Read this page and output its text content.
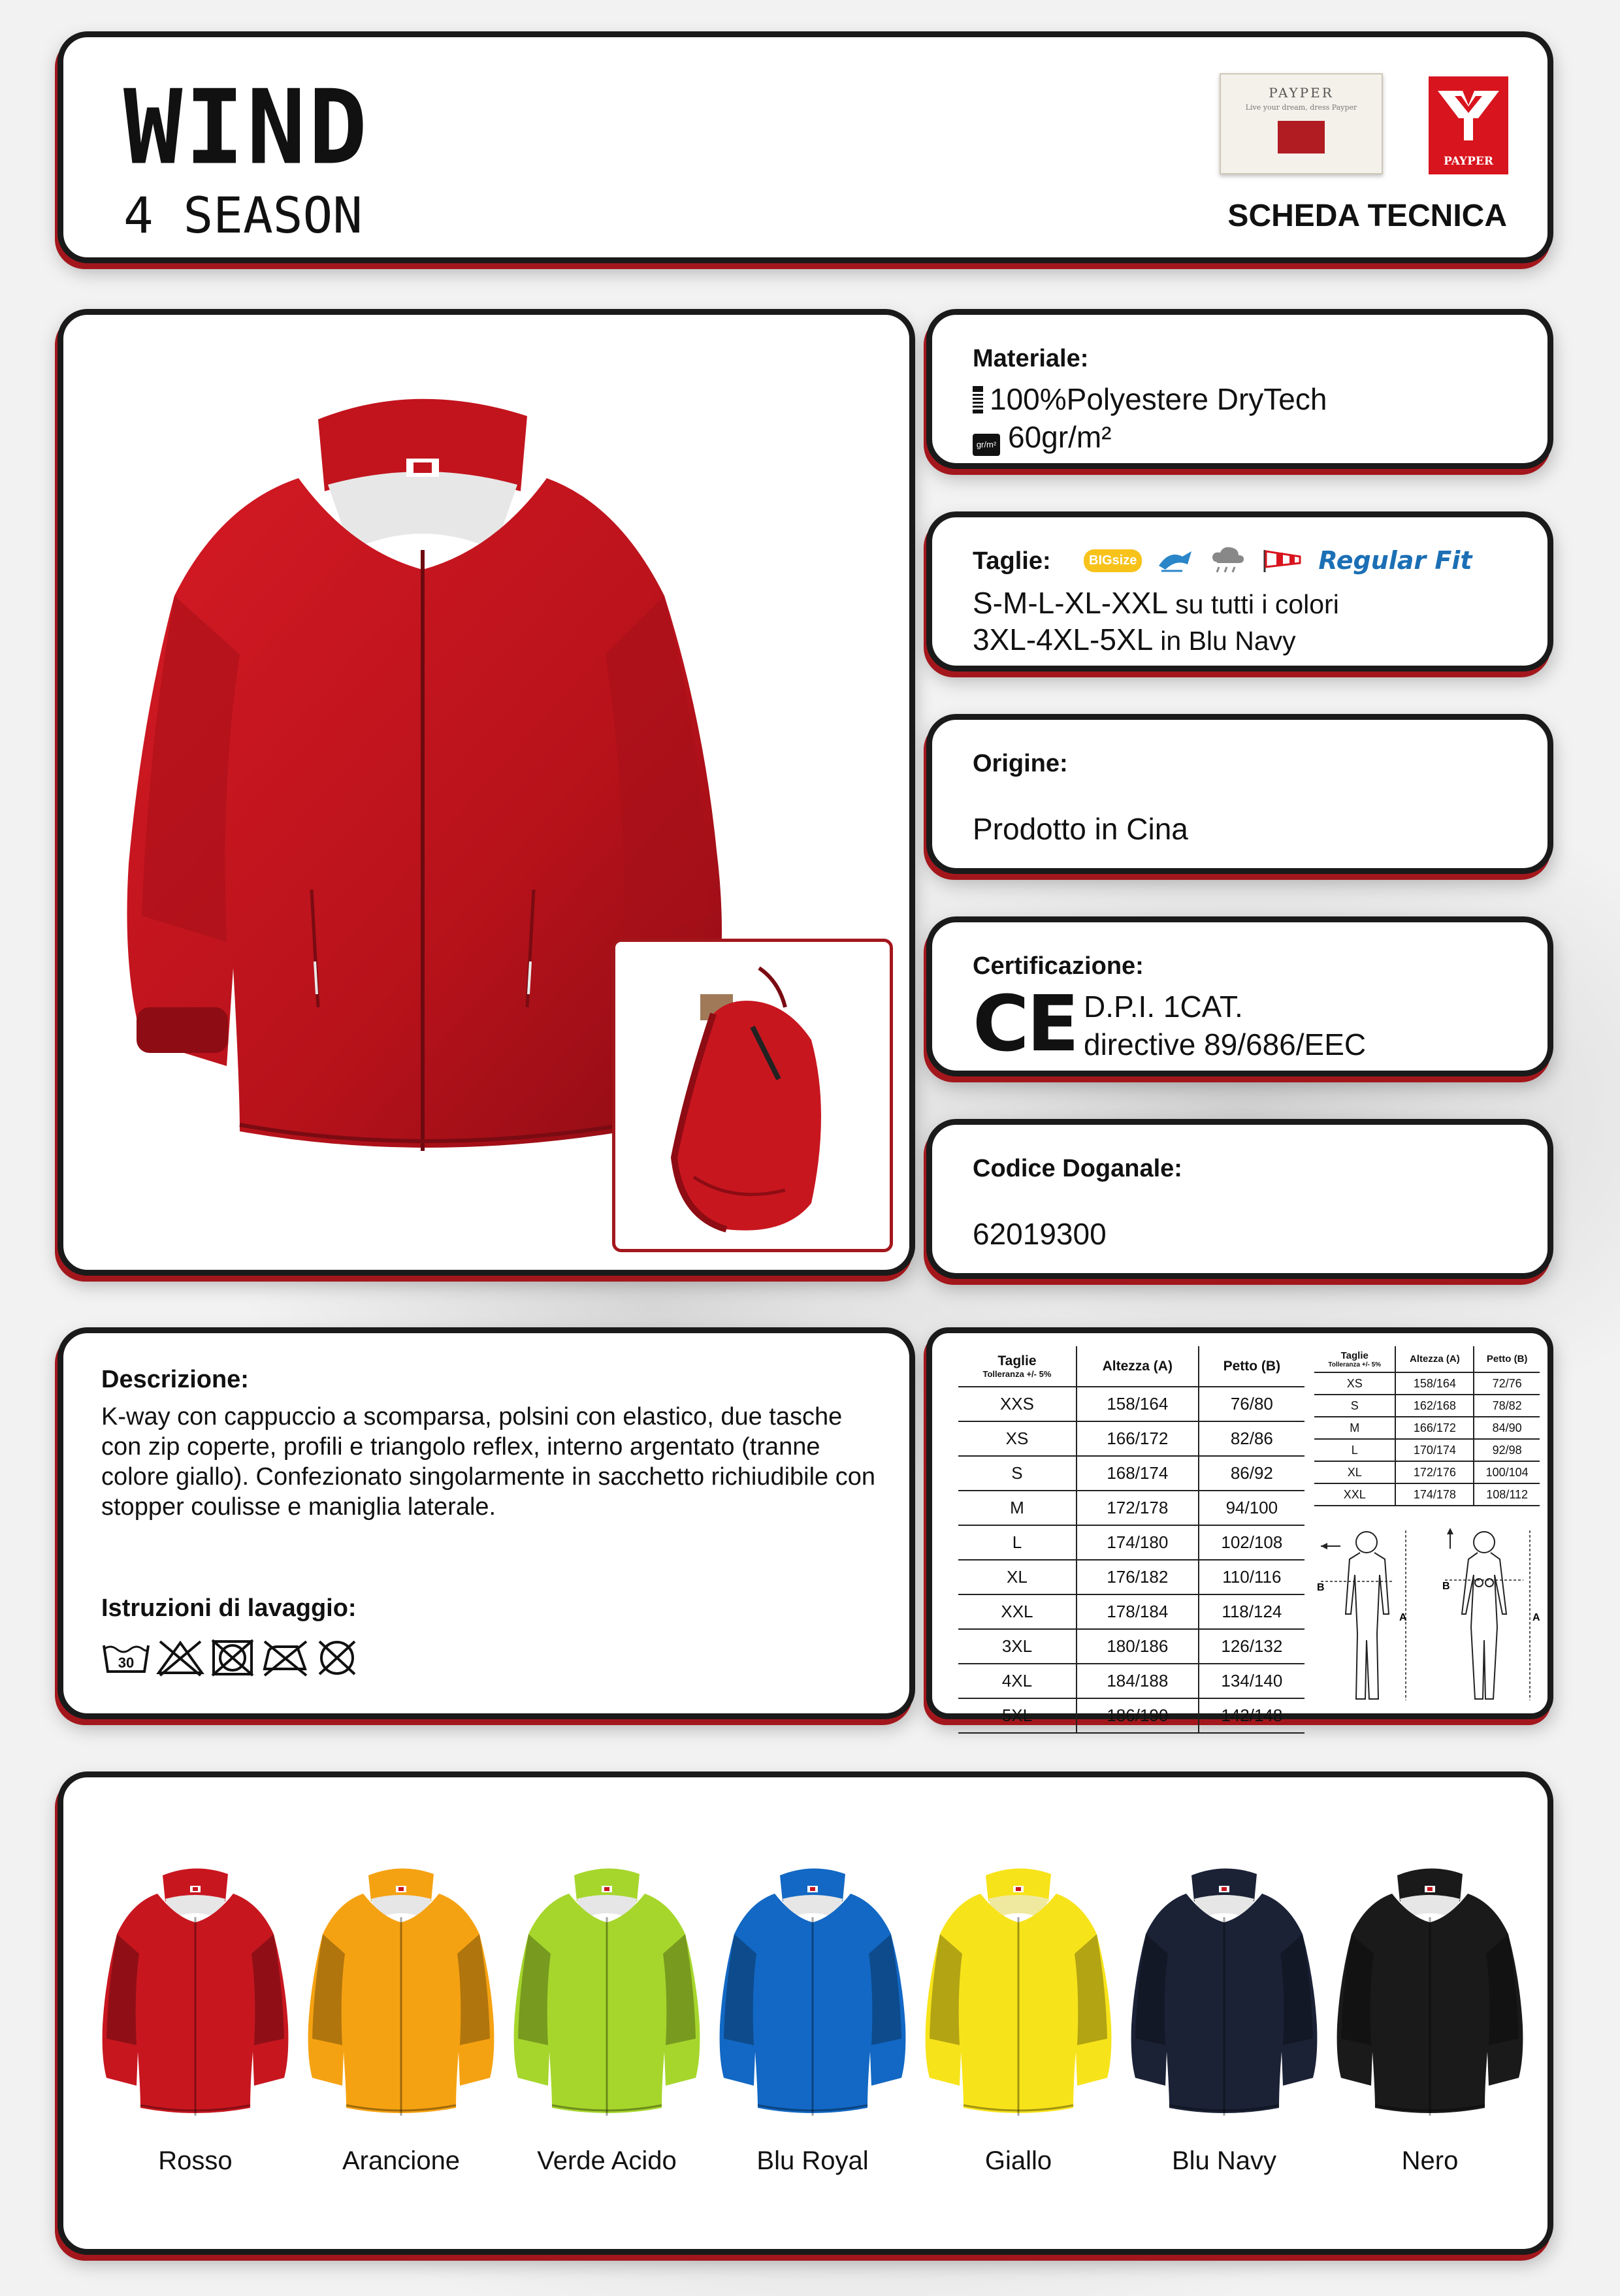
WIND
4 SEASON
PAYPER
Live your dream, dress Payper
PAYPER
SCHEDA TECNICA
Materiale:
100%Polyestere DryTech
gr/m² 60gr/m²
Taglie:	BIGsize	Regular Fit
S-M-L-XL-XXL su tutti i colori
3XL-4XL-5XL in Blu Navy
Origine:
Prodotto in Cina
Certificazione:
CE D.P.I. 1CAT.
directive 89/686/EEC
Codice Doganale:
62019300
Descrizione:
K-way con cappuccio a scomparsa, polsini con elastico, due tasche con zip coperte, profili e triangolo reflex, interno argentato (tranne colore giallo). Confezionato singolarmente in sacchetto richiudibile con stopper coulisse e maniglia laterale.
Istruzioni di lavaggio:
30
Taglie
Tolleranza +/- 5%	Altezza (A)	Petto (B)
XXS	158/164	76/80
XS	166/172	82/86
S	168/174	86/92
M	172/178	94/100
L	174/180	102/108
XL	176/182	110/116
XXL	178/184	118/124
3XL	180/186	126/132
4XL	184/188	134/140
5XL	186/190	142/148
Taglie
Tolleranza +/- 5%	Altezza (A)	Petto (B)
XS	158/164	72/76
S	162/168	78/82
M	166/172	84/90
L	170/174	92/98
XL	172/176	100/104
XXL	174/178	108/112
B
A
B
A
Rosso	Arancione	Verde Acido	Blu Royal	Giallo	Blu Navy	Nero
